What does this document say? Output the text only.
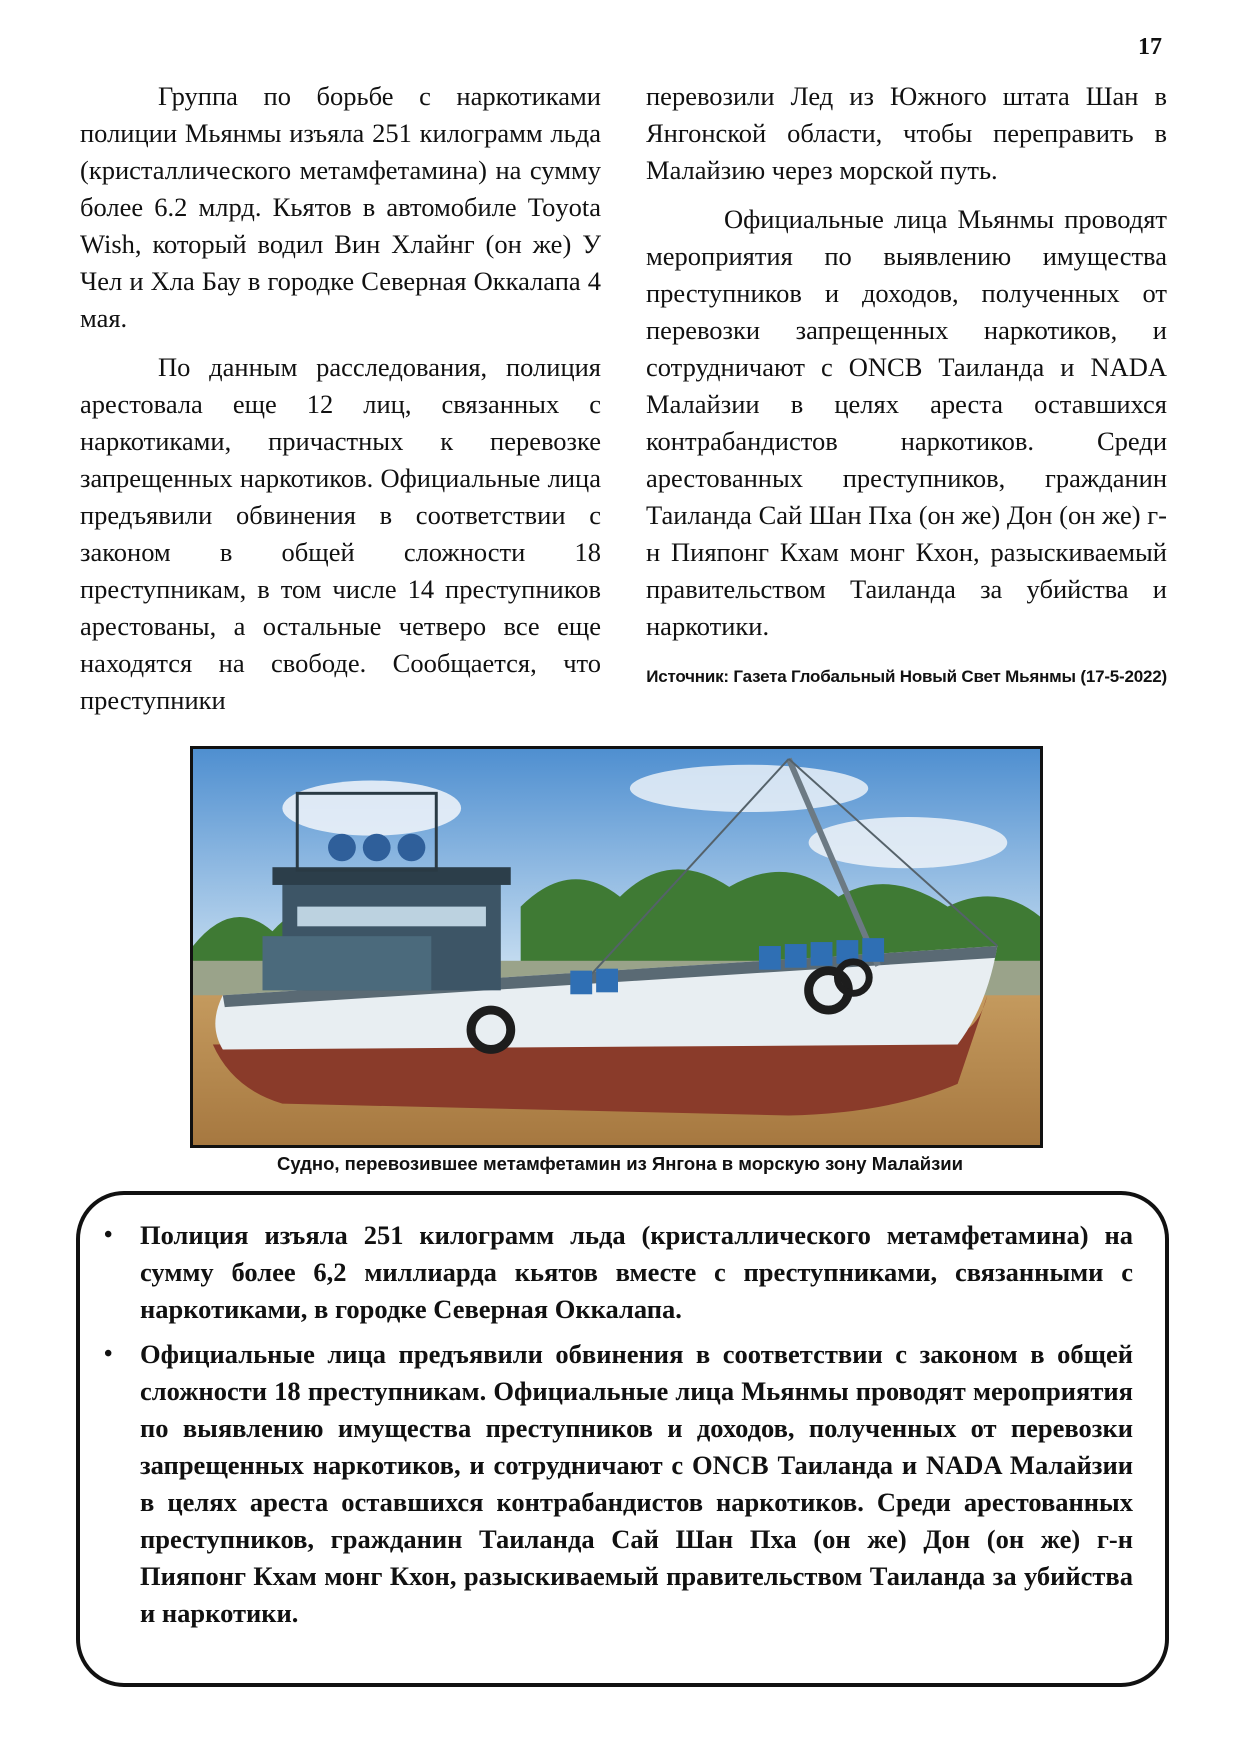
17

Группа по борьбе с наркотиками полиции Мьянмы изъяла 251 килограмм льда (кристаллического метамфетамина) на сумму более 6.2 млрд. Кьятов в автомобиле Toyota Wish, который водил Вин Хлайнг (он же) У Чел и Хла Бау в городке Северная Оккалапа 4 мая.

По данным расследования, полиция арестовала еще 12 лиц, связанных с наркотиками, причастных к перевозке запрещенных наркотиков. Официальные лица предъявили обвинения в соответствии с законом в общей сложности 18 преступникам, в том числе 14 преступников арестованы, а остальные четверо все еще находятся на свободе. Сообщается, что преступники

перевозили Лед из Южного штата Шан в Янгонской области, чтобы переправить в Малайзию через морской путь.

Официальные лица Мьянмы проводят мероприятия по выявлению имущества преступников и доходов, полученных от перевозки запрещенных наркотиков, и сотрудничают с ONCB Таиланда и NADA Малайзии в целях ареста оставшихся контрабандистов наркотиков. Среди арестованных преступников, гражданин Таиланда Сай Шан Пха (он же) Дон (он же) г-н Пияпонг Кхам монг Кхон, разыскиваемый правительством Таиланда за убийства и наркотики.

Источник: Газета Глобальный Новый Свет Мьянмы (17-5-2022)
Судно, перевозившее метамфетамин из Янгона в морскую зону Малайзии
• Полиция изъяла 251 килограмм льда (кристаллического метамфетамина) на сумму более 6,2 миллиарда кьятов вместе с преступниками, связанными с наркотиками, в городке Северная Оккалапа.
• Официальные лица предъявили обвинения в соответствии с законом в общей сложности 18 преступникам. Официальные лица Мьянмы проводят мероприятия по выявлению имущества преступников и доходов, полученных от перевозки запрещенных наркотиков, и сотрудничают с ONCB Таиланда и NADA Малайзии в целях ареста оставшихся контрабандистов наркотиков. Среди арестованных преступников, гражданин Таиланда Сай Шан Пха (он же) Дон (он же) г-н Пияпонг Кхам монг Кхон, разыскиваемый правительством Таиланда за убийства и наркотики.
